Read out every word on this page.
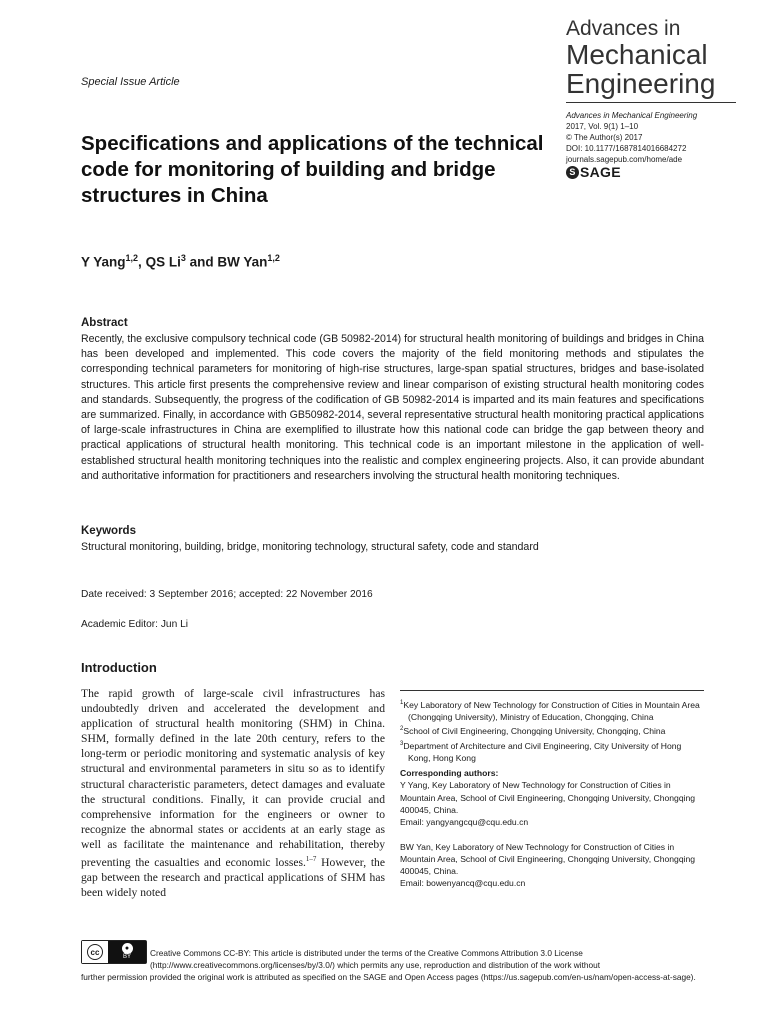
Special Issue Article
Advances in
Mechanical
Engineering
Advances in Mechanical Engineering
2017, Vol. 9(1) 1–10
© The Author(s) 2017
DOI: 10.1177/1687814016684272
journals.sagepub.com/home/ade
S SAGE
Specifications and applications of the technical code for monitoring of building and bridge structures in China
Y Yang$^{1,2}$, QS Li$^3$ and BW Yan$^{1,2}$
Abstract
Recently, the exclusive compulsory technical code (GB 50982-2014) for structural health monitoring of buildings and bridges in China has been developed and implemented. This code covers the majority of the field monitoring methods and stipulates the corresponding technical parameters for monitoring of high-rise structures, large-span spatial structures, bridges and base-isolated structures. This article first presents the comprehensive review and linear comparison of existing structural health monitoring codes and standards. Subsequently, the progress of the codification of GB 50982-2014 is imparted and its main features and specifications are summarized. Finally, in accordance with GB50982-2014, several representative structural health monitoring practical applications of large-scale infrastructures in China are exemplified to illustrate how this national code can bridge the gap between theory and practical applications of structural health monitoring. This technical code is an important milestone in the application of well-established structural health monitoring techniques into the realistic and complex engineering projects. Also, it can provide abundant and authoritative information for practitioners and researchers involving the structural health monitoring techniques.
Keywords
Structural monitoring, building, bridge, monitoring technology, structural safety, code and standard
Date received: 3 September 2016; accepted: 22 November 2016
Academic Editor: Jun Li
Introduction
The rapid growth of large-scale civil infrastructures has undoubtedly driven and accelerated the development and application of structural health monitoring (SHM) in China. SHM, formally defined in the late 20th century, refers to the long-term or periodic monitoring and systematic analysis of key structural and environmental parameters in situ so as to identify structural characteristic parameters, detect damages and evaluate the structural conditions. Finally, it can provide crucial and comprehensive information for the engineers or owner to recognize the abnormal states or accidents at an early stage as well as facilitate the maintenance and rehabilitation, thereby preventing the casualties and economic losses.$^{1-7}$ However, the gap between the research and practical applications of SHM has been widely noted
$^1$Key Laboratory of New Technology for Construction of Cities in Mountain Area (Chongqing University), Ministry of Education, Chongqing, China
$^2$School of Civil Engineering, Chongqing University, Chongqing, China
$^3$Department of Architecture and Civil Engineering, City University of Hong Kong, Hong Kong
Corresponding authors:
Y Yang, Key Laboratory of New Technology for Construction of Cities in Mountain Area, School of Civil Engineering, Chongqing University, Chongqing 400045, China.
Email: yangyangcqu@cqu.edu.cn
BW Yan, Key Laboratory of New Technology for Construction of Cities in Mountain Area, School of Civil Engineering, Chongqing University, Chongqing 400045, China.
Email: bowenyancq@cqu.edu.cn
cc	●
BY Creative Commons CC-BY: This article is distributed under the terms of the Creative Commons Attribution 3.0 License (http://www.creativecommons.org/licenses/by/3.0/) which permits any use, reproduction and distribution of the work without
further permission provided the original work is attributed as specified on the SAGE and Open Access pages (https://us.sagepub.com/en-us/nam/open-access-at-sage).
